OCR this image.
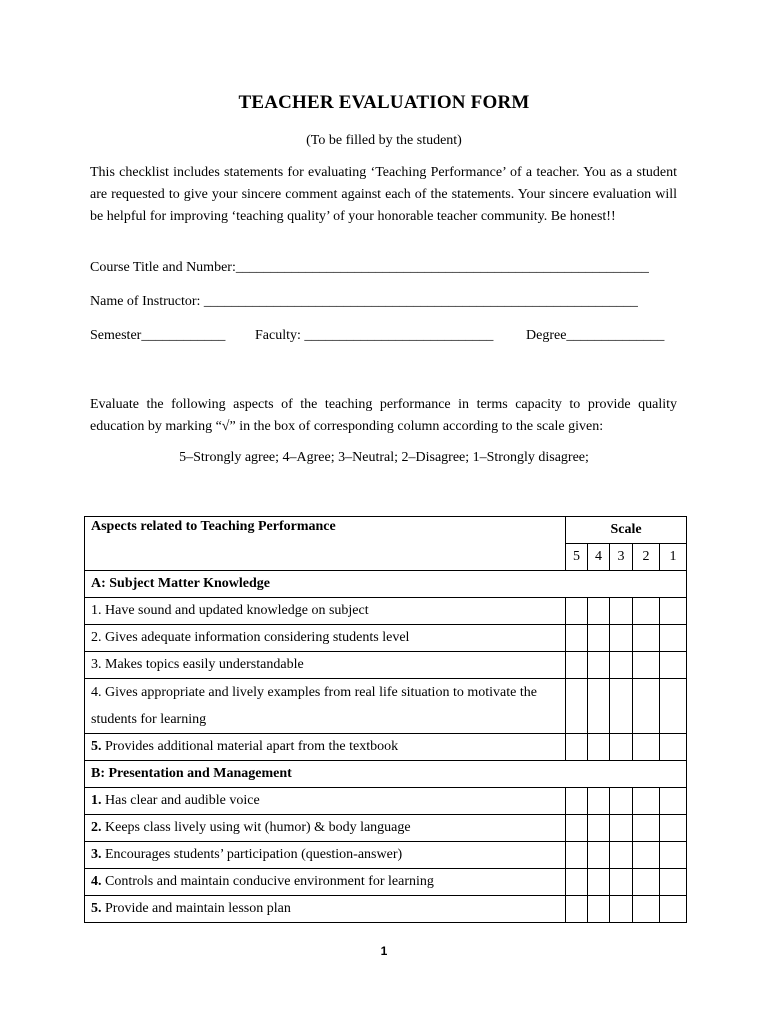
TEACHER EVALUATION FORM
(To be filled by the student)

This checklist includes statements for evaluating ‘Teaching Performance’ of a teacher. You as a student are requested to give your sincere comment against each of the statements. Your sincere evaluation will be helpful for improving ‘teaching quality’ of your honorable teacher community. Be honest!!

Course Title and Number:___________________________________________________________
Name of Instructor: ______________________________________________________________
Semester____________ Faculty: ___________________________ Degree______________

Evaluate the following aspects of the teaching performance in terms capacity to provide quality education by marking “√” in the box of corresponding column according to the scale given:

5–Strongly agree; 4–Agree; 3–Neutral; 2–Disagree; 1–Strongly disagree;
Aspects related to Teaching Performance	Scale				
	5	4	3	2	1
A: Subject Matter Knowledge					
1. Have sound and updated knowledge on subject					
2. Gives adequate information considering students level					
3. Makes topics easily understandable					
4. Gives appropriate and lively examples from real life situation to motivate the students for learning					
5. Provides additional material apart from the textbook					
B: Presentation and Management					
1. Has clear and audible voice					
2. Keeps class lively using wit (humor) & body language					
3. Encourages students’ participation (question-answer)					
4. Controls and maintain conducive environment for learning					
5. Provide and maintain lesson plan					
1
